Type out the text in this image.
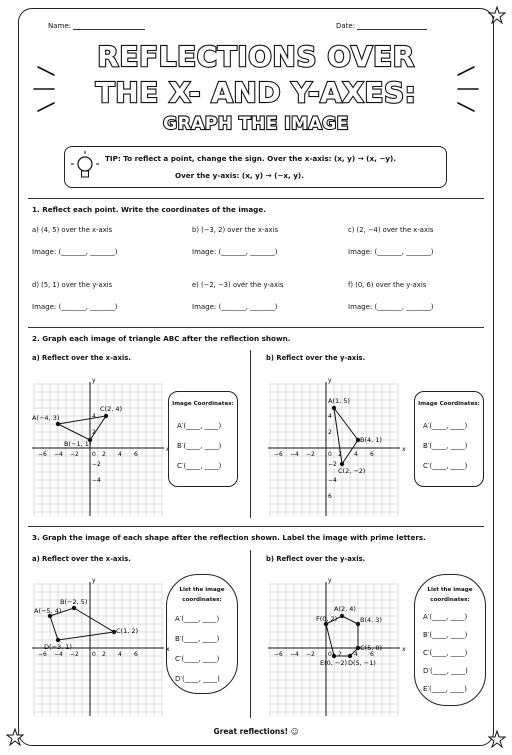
Name:	Date:
REFLECTIONS OVER
THE X- AND Y-AXES:
GRAPH THE IMAGE
TIP: To reflect a point, change the sign. Over the x-axis: (x, y) → (x, −y).
Over the y-axis: (x, y) → (−x, y).
1. Reflect each point. Write the coordinates of the image.
a) (4, 5) over the x-axis	b) (−3, 2) over the x-axis	c) (2, −4) over the x-axis
Image: (_______, _______)	Image: (_______, _______)	Image: (_______, _______)
d) (5, 1) over the y-axis	e) (−2, −3) over the y-axis	f) (0, 6) over the y-axis
Image: (_______, _______)	Image: (_______, _______)	Image: (_______, _______)
2. Graph each image of triangle ABC after the reflection shown.
a) Reflect over the x-axis.	b) Reflect over the y-axis.
x
y
−6 −4 −2	2 4 6
4
2
−2
−4
0
A(−4, 3)
B(−1, 1)
C(2, 4)
x
y
−6 −4 −2	2 4 6
4
2
−2
−4
6
0
A(1, 5)
B(4, 1)
C(2, −2)
Image Coordinates:
A′(____, ____)
B′(____, ____)
C′(____, ____)
Image Coordinates:
A′(____, ____)
B′(____, ____)
C′(____, ____)
3. Graph the image of each shape after the reflection shown. Label the image with prime letters.
a) Reflect over the x-axis.	b) Reflect over the y-axis.
x
y
−6 −4 −2	2 4 6
0
A(−5, 4)
B(−2, 5)
C(1, 2)
D(−3, 1)	x
y
−6 −4 −2	2 4 6
0
A(2, 4)
B(4, 3)
C(5, 0)
D(5, −1)
E(0, −2)
F(0, 2)
List the image
coordinates:
A′(____, ____)
B′(____, ____)
C′(____, ____)
D′(____, ____)
List the image
coordinates:
A′(____, ____)
B′(____, ____)
C′(____, ____)
D′(____, ____)
E′(____, ____)
Great reflections! ☺
